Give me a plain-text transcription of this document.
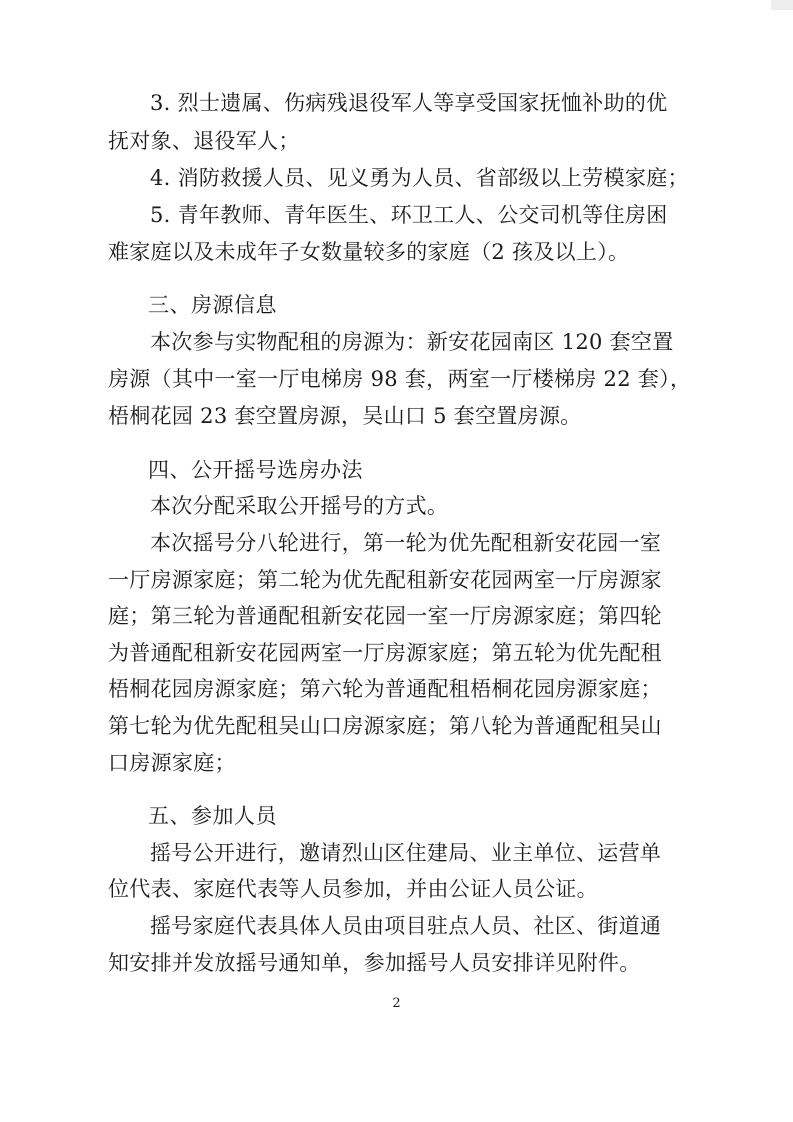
3. 烈士遗属、伤病残退役军人等享受国家抚恤补助的优
抚对象、退役军人；
4. 消防救援人员、见义勇为人员、省部级以上劳模家庭；
5. 青年教师、青年医生、环卫工人、公交司机等住房困
难家庭以及未成年子女数量较多的家庭（2 孩及以上）。
三、房源信息
本次参与实物配租的房源为：新安花园南区 120 套空置
房源（其中一室一厅电梯房 98 套，两室一厅楼梯房 22 套），
梧桐花园 23 套空置房源，吴山口 5 套空置房源。
四、公开摇号选房办法
本次分配采取公开摇号的方式。
本次摇号分八轮进行，第一轮为优先配租新安花园一室
一厅房源家庭；第二轮为优先配租新安花园两室一厅房源家
庭；第三轮为普通配租新安花园一室一厅房源家庭；第四轮
为普通配租新安花园两室一厅房源家庭；第五轮为优先配租
梧桐花园房源家庭；第六轮为普通配租梧桐花园房源家庭；
第七轮为优先配租吴山口房源家庭；第八轮为普通配租吴山
口房源家庭；
五、参加人员
摇号公开进行，邀请烈山区住建局、业主单位、运营单
位代表、家庭代表等人员参加，并由公证人员公证。
摇号家庭代表具体人员由项目驻点人员、社区、街道通
知安排并发放摇号通知单，参加摇号人员安排详见附件。
2
